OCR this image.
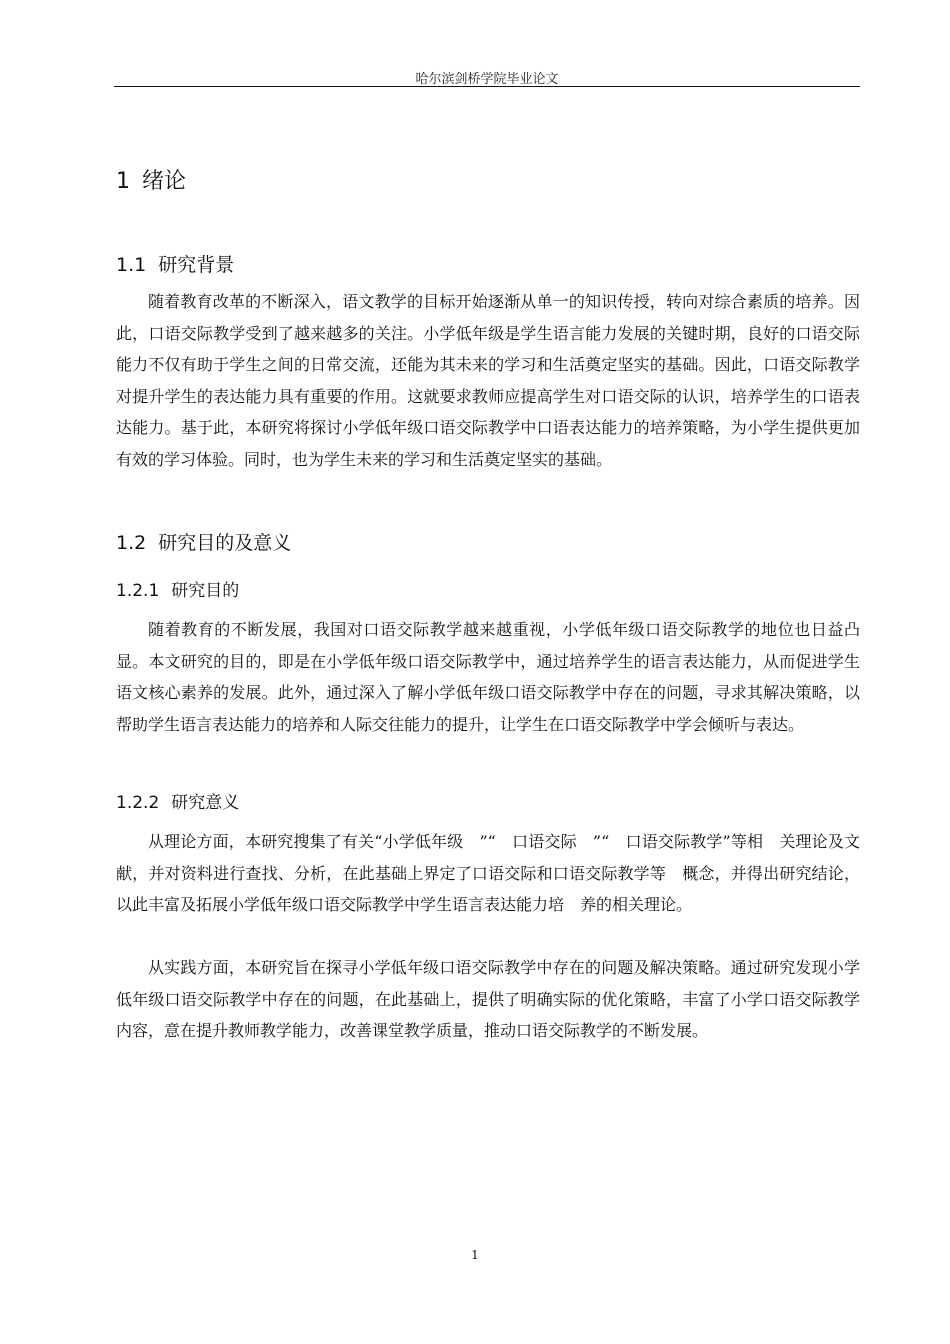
哈尔滨剑桥学院毕业论文
1 绪论
1.1 研究背景

随着教育改革的不断深入，语文教学的目标开始逐渐从单一的知识传授，转向对综合素质的培养。因此，口语交际教学受到了越来越多的关注。小学低年级是学生语言能力发展的关键时期，良好的口语交际能力不仅有助于学生之间的日常交流，还能为其未来的学习和生活奠定坚实的基础。因此，口语交际教学对提升学生的表达能力具有重要的作用。这就要求教师应提高学生对口语交际的认识，培养学生的口语表达能力。基于此，本研究将探讨小学低年级口语交际教学中口语表达能力的培养策略，为小学生提供更加有效的学习体验。同时，也为学生未来的学习和生活奠定坚实的基础。

1.2 研究目的及意义
1.2.1 研究目的

随着教育的不断发展，我国对口语交际教学越来越重视，小学低年级口语交际教学的地位也日益凸显。本文研究的目的，即是在小学低年级口语交际教学中，通过培养学生的语言表达能力，从而促进学生语文核心素养的发展。此外，通过深入了解小学低年级口语交际教学中存在的问题，寻求其解决策略，以帮助学生语言表达能力的培养和人际交往能力的提升，让学生在口语交际教学中学会倾听与表达。

1.2.2 研究意义

从理论方面，本研究搜集了有关“小学低年级　”“　口语交际　”“　口语交际教学”等相　关理论及文献，并对资料进行查找、分析，在此基础上界定了口语交际和口语交际教学等　概念，并得出研究结论，以此丰富及拓展小学低年级口语交际教学中学生语言表达能力培　养的相关理论。

从实践方面，本研究旨在探寻小学低年级口语交际教学中存在的问题及解决策略。通过研究发现小学低年级口语交际教学中存在的问题，在此基础上，提供了明确实际的优化策略，丰富了小学口语交际教学内容，意在提升教师教学能力，改善课堂教学质量，推动口语交际教学的不断发展。

1
